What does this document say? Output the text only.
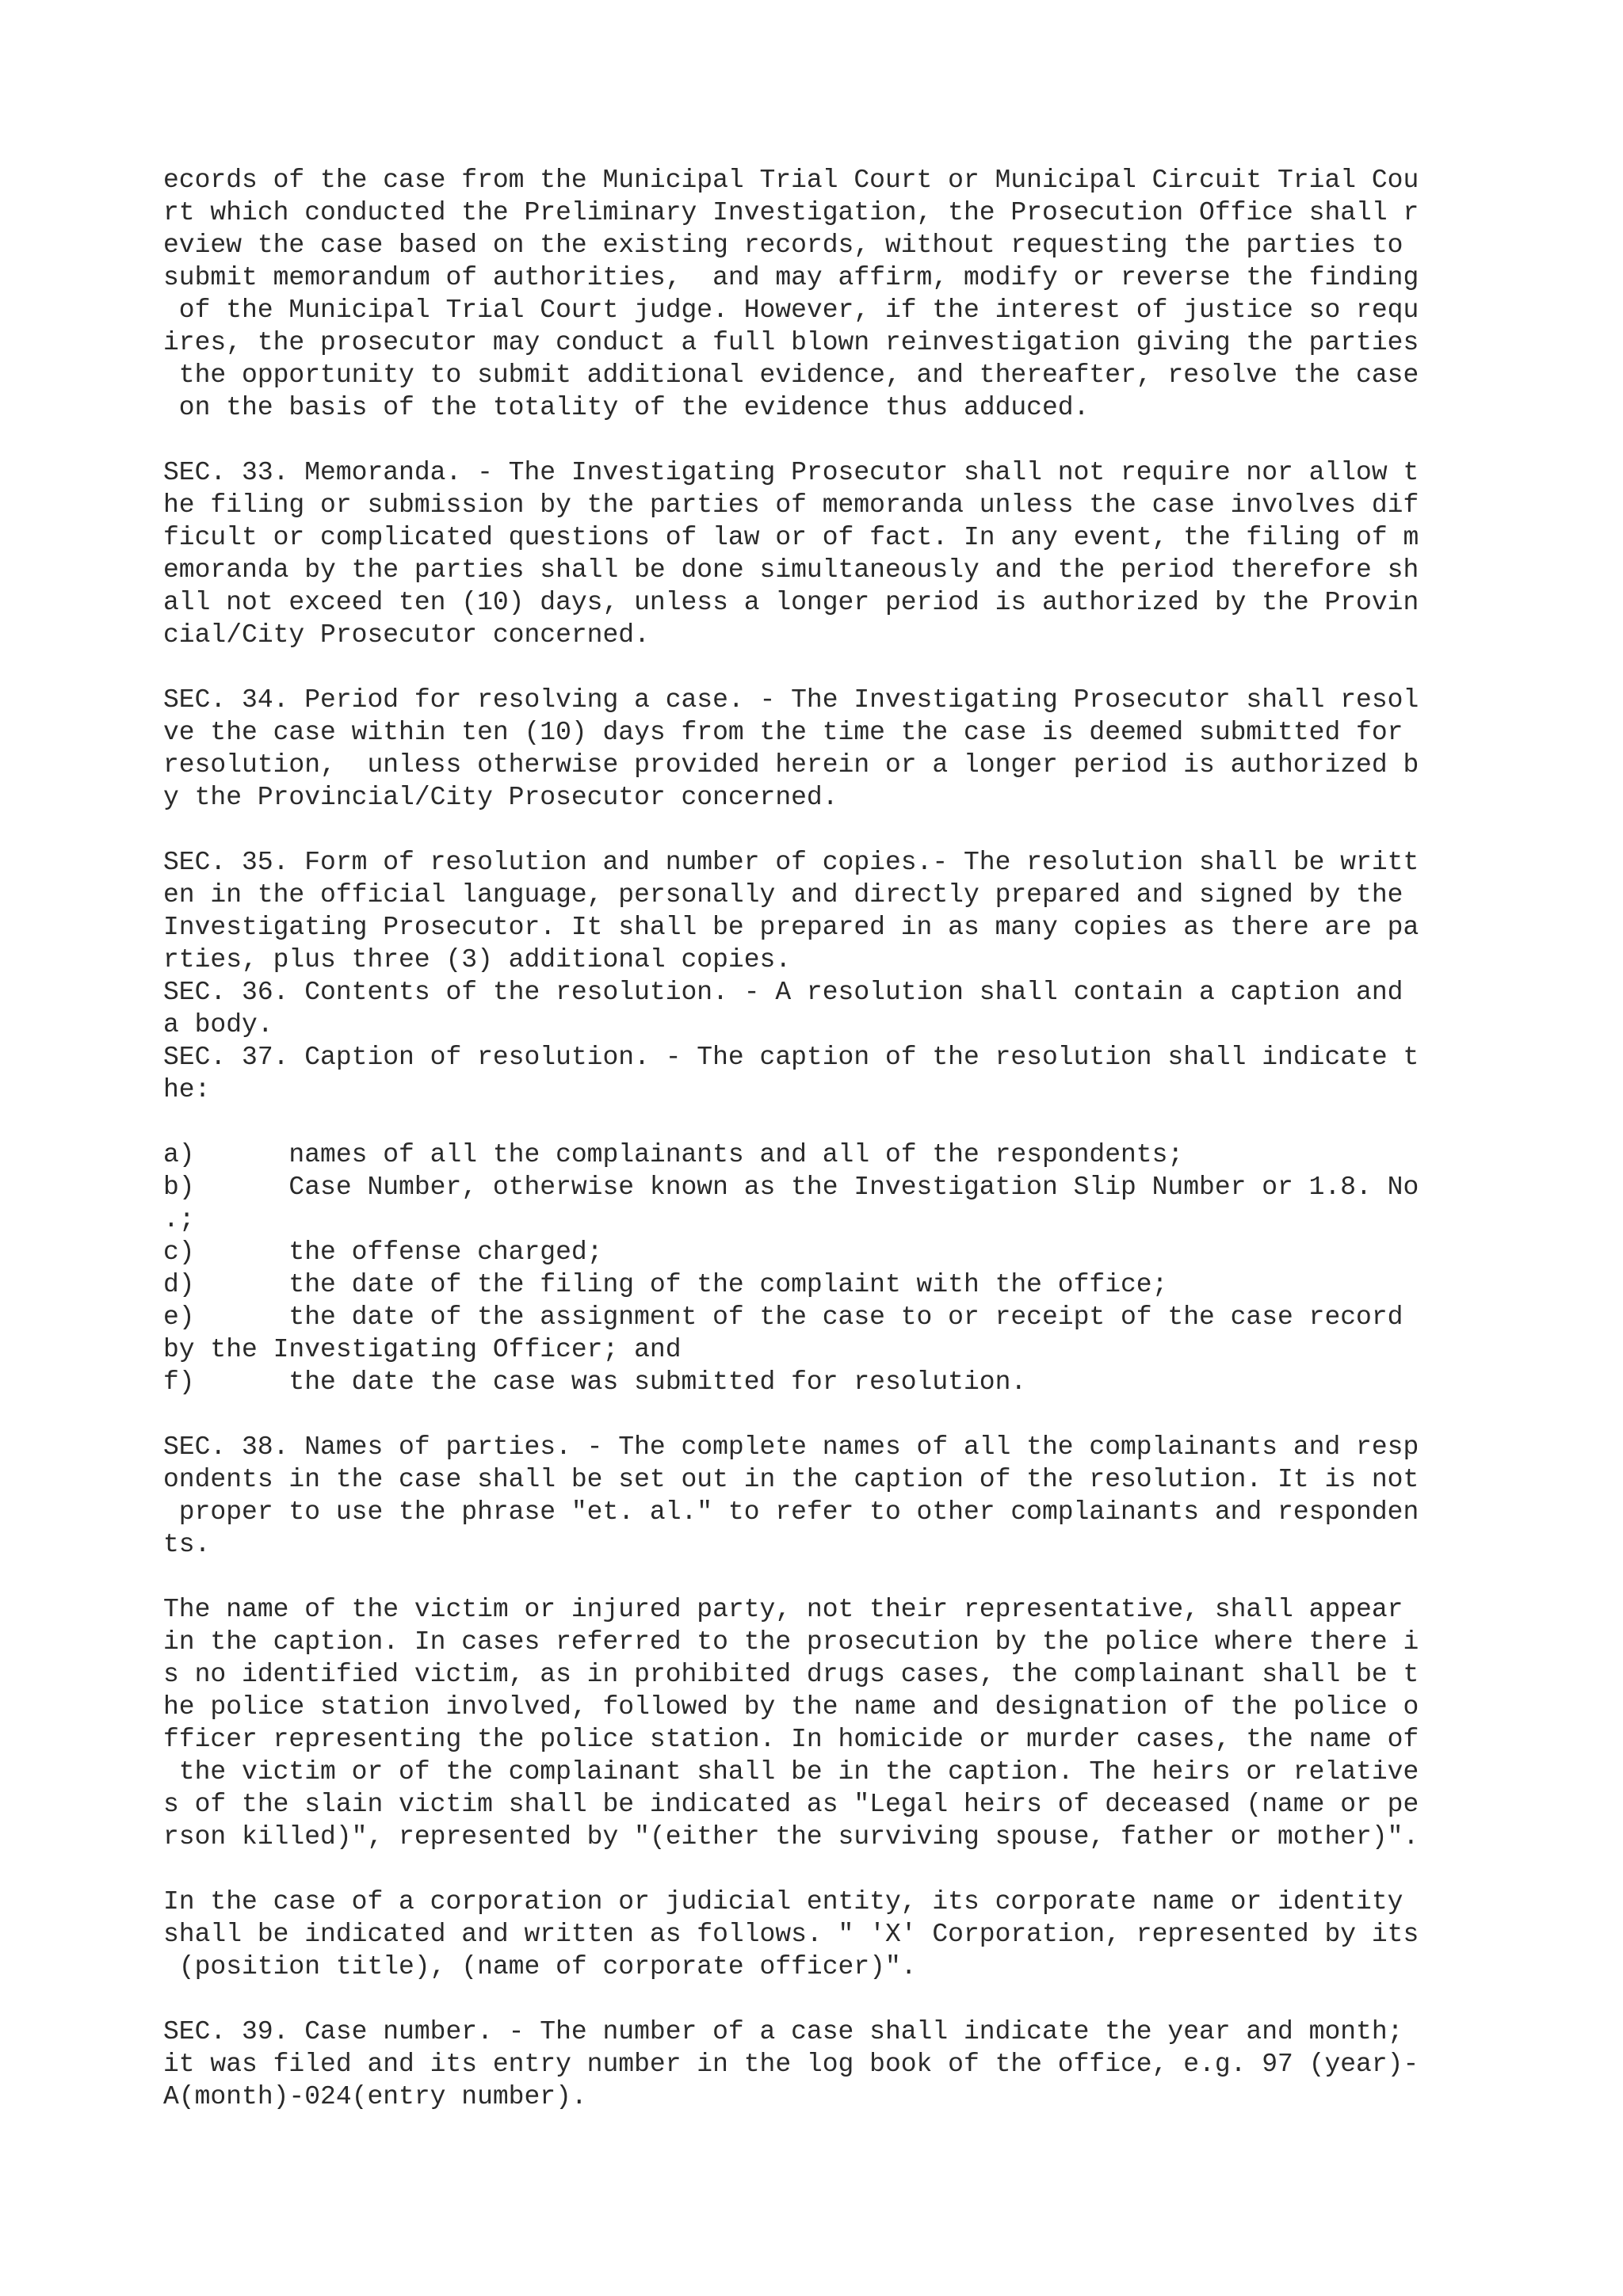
ecords of the case from the Municipal Trial Court or Municipal Circuit Trial Cou
rt which conducted the Preliminary Investigation, the Prosecution Office shall r
eview the case based on the existing records, without requesting the parties to
submit memorandum of authorities,  and may affirm, modify or reverse the finding
of the Municipal Trial Court judge. However, if the interest of justice so requ
ires, the prosecutor may conduct a full blown reinvestigation giving the parties
the opportunity to submit additional evidence, and thereafter, resolve the case
on the basis of the totality of the evidence thus adduced.
SEC. 33. Memoranda. - The Investigating Prosecutor shall not require nor allow t
he filing or submission by the parties of memoranda unless the case involves dif
ficult or complicated questions of law or of fact. In any event, the filing of m
emoranda by the parties shall be done simultaneously and the period therefore sh
all not exceed ten (10) days, unless a longer period is authorized by the Provin
cial/City Prosecutor concerned.
SEC. 34. Period for resolving a case. - The Investigating Prosecutor shall resol
ve the case within ten (10) days from the time the case is deemed submitted for
resolution,  unless otherwise provided herein or a longer period is authorized b
y the Provincial/City Prosecutor concerned.
SEC. 35. Form of resolution and number of copies.- The resolution shall be writt
en in the official language, personally and directly prepared and signed by the
Investigating Prosecutor. It shall be prepared in as many copies as there are pa
rties, plus three (3) additional copies.
SEC. 36. Contents of the resolution. - A resolution shall contain a caption and
a body.
SEC. 37. Caption of resolution. - The caption of the resolution shall indicate t
he:
a)      names of all the complainants and all of the respondents;
b)      Case Number, otherwise known as the Investigation Slip Number or 1.8. No
.;
c)      the offense charged;
d)      the date of the filing of the complaint with the office;
e)      the date of the assignment of the case to or receipt of the case record
by the Investigating Officer; and
f)      the date the case was submitted for resolution.
SEC. 38. Names of parties. - The complete names of all the complainants and resp
ondents in the case shall be set out in the caption of the resolution. It is not
proper to use the phrase "et. al." to refer to other complainants and responden
ts.
The name of the victim or injured party, not their representative, shall appear
in the caption. In cases referred to the prosecution by the police where there i
s no identified victim, as in prohibited drugs cases, the complainant shall be t
he police station involved, followed by the name and designation of the police o
fficer representing the police station. In homicide or murder cases, the name of
the victim or of the complainant shall be in the caption. The heirs or relative
s of the slain victim shall be indicated as "Legal heirs of deceased (name or pe
rson killed)", represented by "(either the surviving spouse, father or mother)".
In the case of a corporation or judicial entity, its corporate name or identity
shall be indicated and written as follows. " 'X' Corporation, represented by its
(position title), (name of corporate officer)".
SEC. 39. Case number. - The number of a case shall indicate the year and month;
it was filed and its entry number in the log book of the office, e.g. 97 (year)-
A(month)-024(entry number).
